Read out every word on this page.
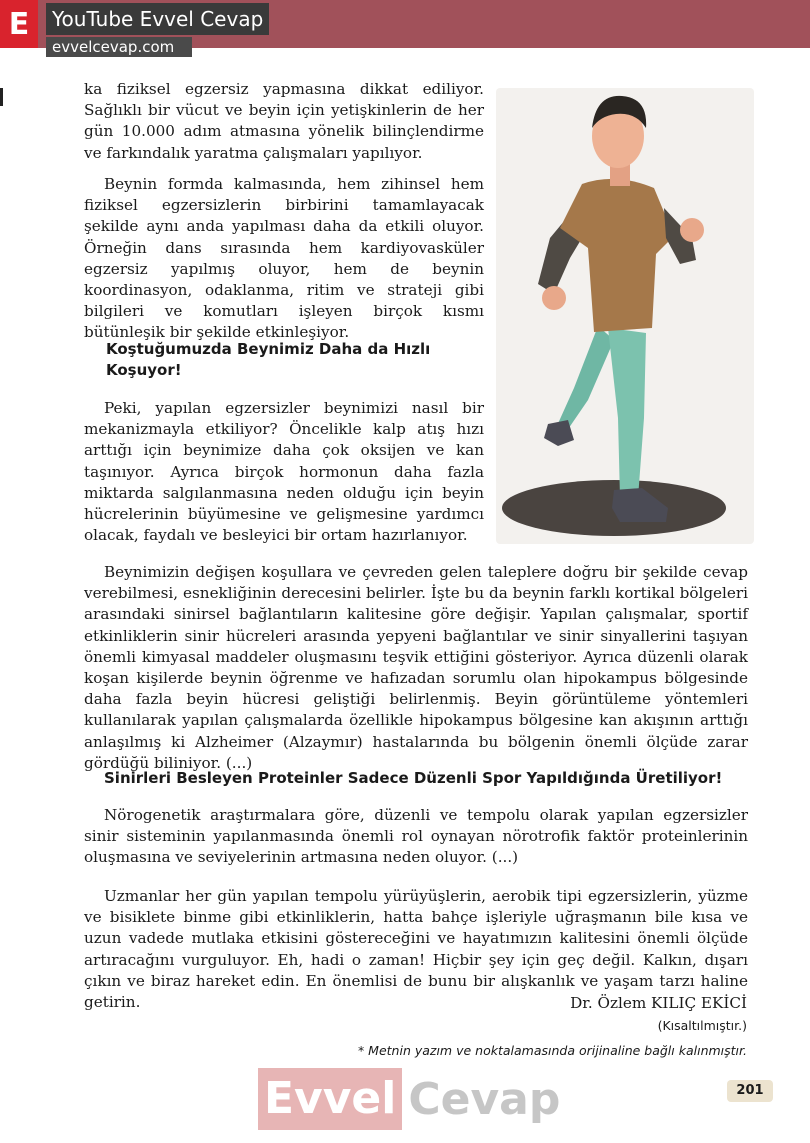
E	YouTube Evvel Cevap
evvelcevap.com

ka fiziksel egzersiz yapmasına dikkat ediliyor. Sağlıklı bir vücut ve beyin için yetişkinlerin de her gün 10.000 adım atmasına yönelik bilinçlendirme ve farkındalık yaratma çalışmaları yapılıyor.

Beynin formda kalmasında, hem zihinsel hem fiziksel egzersizlerin birbirini tamamlayacak şekilde aynı anda yapılması daha da etkili oluyor. Örneğin dans sırasında hem kardiyovasküler egzersiz yapılmış oluyor, hem de beynin koordinasyon, odaklanma, ritim ve strateji gibi bilgileri ve komutları işleyen birçok kısmı bütünleşik bir şekilde etkinleşiyor.

Koştuğumuzda Beynimiz Daha da Hızlı
Koşuyor!

Peki, yapılan egzersizler beynimizi nasıl bir mekanizmayla etkiliyor? Öncelikle kalp atış hızı arttığı için beynimize daha çok oksijen ve kan taşınıyor. Ayrıca birçok hormonun daha fazla miktarda salgılanmasına neden olduğu için beyin hücrelerinin büyümesine ve gelişmesine yardımcı olacak, faydalı ve besleyici bir ortam hazırlanıyor.

Beynimizin değişen koşullara ve çevreden gelen taleplere doğru bir şekilde cevap verebilmesi, esnekliğinin derecesini belirler. İşte bu da beynin farklı kortikal bölgeleri arasındaki sinirsel bağlantıların kalitesine göre değişir. Yapılan çalışmalar, sportif etkinliklerin sinir hücreleri arasında yepyeni bağlantılar ve sinir sinyallerini taşıyan önemli kimyasal maddeler oluşmasını teşvik ettiğini gösteriyor. Ayrıca düzenli olarak koşan kişilerde beynin öğrenme ve hafızadan sorumlu olan hipokampus bölgesinde daha fazla beyin hücresi geliştiği belirlenmiş. Beyin görüntüleme yöntemleri kullanılarak yapılan çalışmalarda özellikle hipokampus bölgesine kan akışının arttığı anlaşılmış ki Alzheimer (Alzaymır) hastalarında bu bölgenin önemli ölçüde zarar gördüğü biliniyor. (...)

Sinirleri Besleyen Proteinler Sadece Düzenli Spor Yapıldığında Üretiliyor!

Nörogenetik araştırmalara göre, düzenli ve tempolu olarak yapılan egzersizler sinir sisteminin yapılanmasında önemli rol oynayan nörotrofik faktör proteinlerinin oluşmasına ve seviyelerinin artmasına neden oluyor. (...)

Uzmanlar her gün yapılan tempolu yürüyüşlerin, aerobik tipi egzersizlerin, yüzme ve bisiklete binme gibi etkinliklerin, hatta bahçe işleriyle uğraşmanın bile kısa ve uzun vadede mutlaka etkisini göstereceğini ve hayatımızın kalitesini önemli ölçüde artıracağını vurguluyor. Eh, hadi o zaman! Hiçbir şey için geç değil. Kalkın, dışarı çıkın ve biraz hareket edin. En önemlisi de bunu bir alışkanlık ve yaşam tarzı haline getirin.	Dr. Özlem KILIÇ EKİCİ
(Kısaltılmıştır.)
* Metnin yazım ve noktalamasında orijinaline bağlı kalınmıştır.
Evvel Cevap	201
